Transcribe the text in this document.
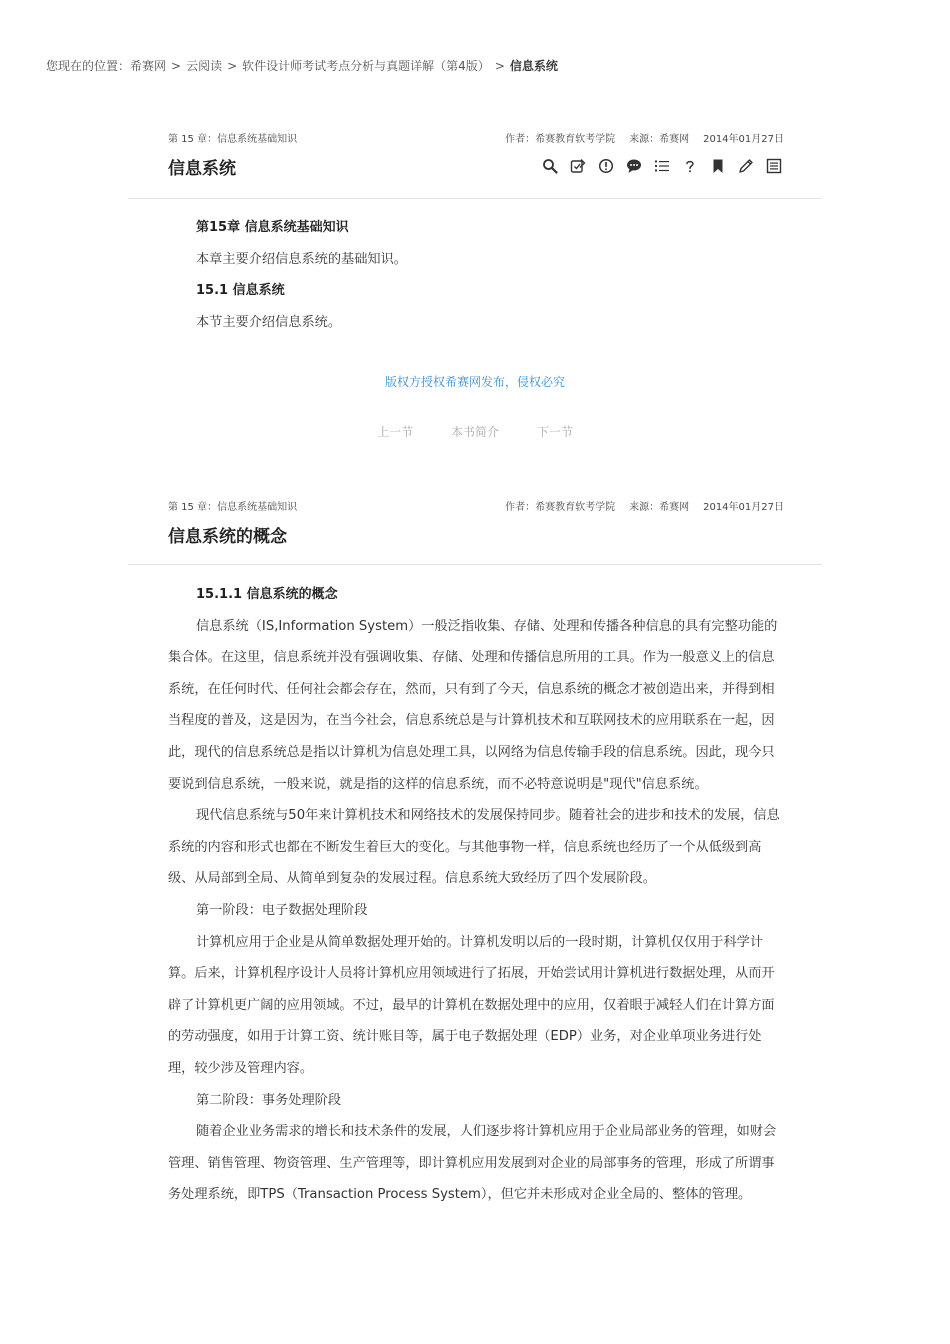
您现在的位置：希赛网 > 云阅读 > 软件设计师考试考点分析与真题详解（第4版） > 信息系统
第 15 章：信息系统基础知识	作者：希赛教育软考学院 来源：希赛网 2014年01月27日
信息系统
第15章 信息系统基础知识

本章主要介绍信息系统的基础知识。

15.1 信息系统

本节主要介绍信息系统。

版权方授权希赛网发布，侵权必究
上一节	本书简介	下一节
第 15 章：信息系统基础知识	作者：希赛教育软考学院 来源：希赛网 2014年01月27日
信息系统的概念
15.1.1 信息系统的概念

信息系统（IS,Information System）一般泛指收集、存储、处理和传播各种信息的具有完整功能的集合体。在这里，信息系统并没有强调收集、存储、处理和传播信息所用的工具。作为一般意义上的信息系统，在任何时代、任何社会都会存在，然而，只有到了今天，信息系统的概念才被创造出来，并得到相当程度的普及，这是因为，在当今社会，信息系统总是与计算机技术和互联网技术的应用联系在一起，因此，现代的信息系统总是指以计算机为信息处理工具，以网络为信息传输手段的信息系统。因此，现今只要说到信息系统，一般来说，就是指的这样的信息系统，而不必特意说明是"现代"信息系统。

现代信息系统与50年来计算机技术和网络技术的发展保持同步。随着社会的进步和技术的发展，信息系统的内容和形式也都在不断发生着巨大的变化。与其他事物一样，信息系统也经历了一个从低级到高级、从局部到全局、从简单到复杂的发展过程。信息系统大致经历了四个发展阶段。

第一阶段：电子数据处理阶段

计算机应用于企业是从简单数据处理开始的。计算机发明以后的一段时期，计算机仅仅用于科学计算。后来，计算机程序设计人员将计算机应用领域进行了拓展，开始尝试用计算机进行数据处理，从而开辟了计算机更广阔的应用领域。不过，最早的计算机在数据处理中的应用，仅着眼于减轻人们在计算方面的劳动强度，如用于计算工资、统计账目等，属于电子数据处理（EDP）业务，对企业单项业务进行处理，较少涉及管理内容。

第二阶段：事务处理阶段

随着企业业务需求的增长和技术条件的发展，人们逐步将计算机应用于企业局部业务的管理，如财会管理、销售管理、物资管理、生产管理等，即计算机应用发展到对企业的局部事务的管理，形成了所谓事务处理系统，即TPS（Transaction Process System），但它并未形成对企业全局的、整体的管理。
